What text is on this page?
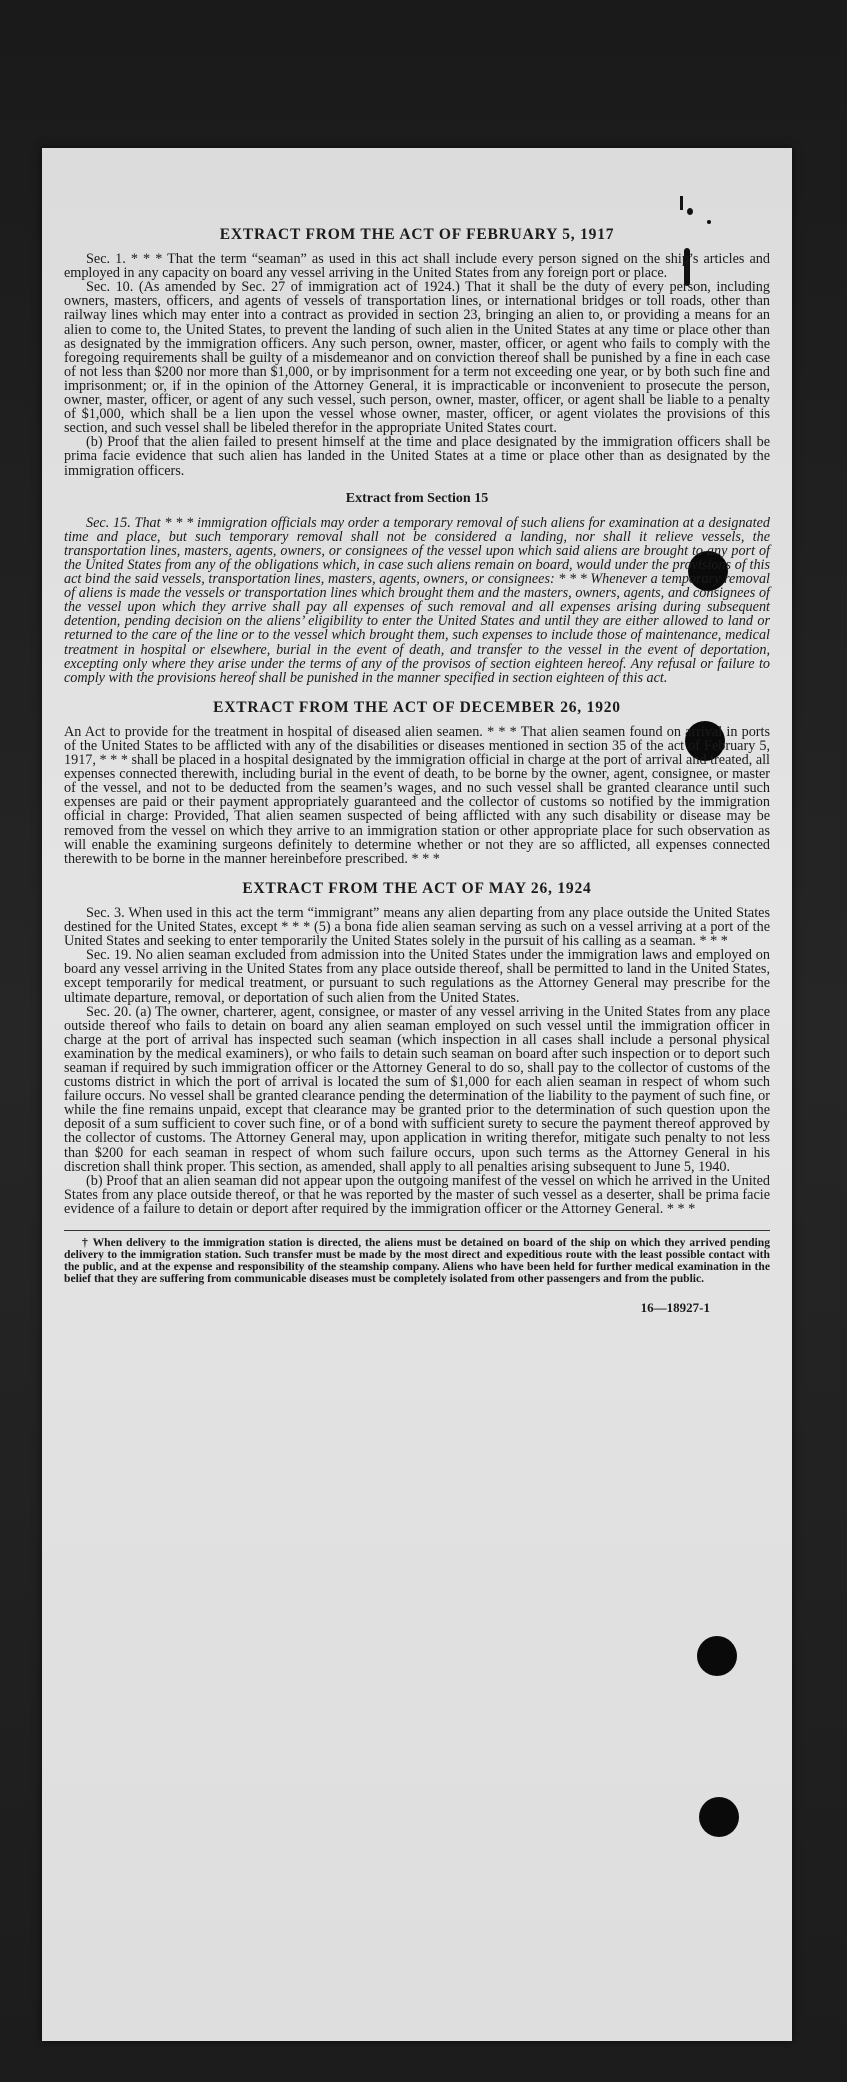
EXTRACT FROM THE ACT OF FEBRUARY 5, 1917

Sec. 1. * * * That the term “seaman” as used in this act shall include every person signed on the ship’s articles and employed in any capacity on board any vessel arriving in the United States from any foreign port or place.

Sec. 10. (As amended by Sec. 27 of immigration act of 1924.) That it shall be the duty of every person, including owners, masters, officers, and agents of vessels of transportation lines, or international bridges or toll roads, other than railway lines which may enter into a contract as provided in section 23, bringing an alien to, or providing a means for an alien to come to, the United States, to prevent the landing of such alien in the United States at any time or place other than as designated by the immigration officers. Any such person, owner, master, officer, or agent who fails to comply with the foregoing requirements shall be guilty of a misdemeanor and on conviction thereof shall be punished by a fine in each case of not less than $200 nor more than $1,000, or by imprisonment for a term not exceeding one year, or by both such fine and imprisonment; or, if in the opinion of the Attorney General, it is impracticable or inconvenient to prosecute the person, owner, master, officer, or agent of any such vessel, such person, owner, master, officer, or agent shall be liable to a penalty of $1,000, which shall be a lien upon the vessel whose owner, master, officer, or agent violates the provisions of this section, and such vessel shall be libeled therefor in the appropriate United States court.

(b) Proof that the alien failed to present himself at the time and place designated by the immigration officers shall be prima facie evidence that such alien has landed in the United States at a time or place other than as designated by the immigration officers.

Extract from Section 15

Sec. 15. That * * * immigration officials may order a temporary removal of such aliens for examination at a designated time and place, but such temporary removal shall not be considered a landing, nor shall it relieve vessels, the transportation lines, masters, agents, owners, or consignees of the vessel upon which said aliens are brought to any port of the United States from any of the obligations which, in case such aliens remain on board, would under the provisions of this act bind the said vessels, transportation lines, masters, agents, owners, or consignees: * * * Whenever a temporary removal of aliens is made the vessels or transportation lines which brought them and the masters, owners, agents, and consignees of the vessel upon which they arrive shall pay all expenses of such removal and all expenses arising during subsequent detention, pending decision on the aliens’ eligibility to enter the United States and until they are either allowed to land or returned to the care of the line or to the vessel which brought them, such expenses to include those of maintenance, medical treatment in hospital or elsewhere, burial in the event of death, and transfer to the vessel in the event of deportation, excepting only where they arise under the terms of any of the provisos of section eighteen hereof. Any refusal or failure to comply with the provisions hereof shall be punished in the manner specified in section eighteen of this act.

EXTRACT FROM THE ACT OF DECEMBER 26, 1920

An Act to provide for the treatment in hospital of diseased alien seamen. * * * That alien seamen found on arrival in ports of the United States to be afflicted with any of the disabilities or diseases mentioned in section 35 of the act of February 5, 1917, * * * shall be placed in a hospital designated by the immigration official in charge at the port of arrival and treated, all expenses connected therewith, including burial in the event of death, to be borne by the owner, agent, consignee, or master of the vessel, and not to be deducted from the seamen’s wages, and no such vessel shall be granted clearance until such expenses are paid or their payment appropriately guaranteed and the collector of customs so notified by the immigration official in charge: Provided, That alien seamen suspected of being afflicted with any such disability or disease may be removed from the vessel on which they arrive to an immigration station or other appropriate place for such observation as will enable the examining surgeons definitely to determine whether or not they are so afflicted, all expenses connected therewith to be borne in the manner hereinbefore prescribed. * * *

EXTRACT FROM THE ACT OF MAY 26, 1924

Sec. 3. When used in this act the term “immigrant” means any alien departing from any place outside the United States destined for the United States, except * * * (5) a bona fide alien seaman serving as such on a vessel arriving at a port of the United States and seeking to enter temporarily the United States solely in the pursuit of his calling as a seaman. * * *

Sec. 19. No alien seaman excluded from admission into the United States under the immigration laws and employed on board any vessel arriving in the United States from any place outside thereof, shall be permitted to land in the United States, except temporarily for medical treatment, or pursuant to such regulations as the Attorney General may prescribe for the ultimate departure, removal, or deportation of such alien from the United States.

Sec. 20. (a) The owner, charterer, agent, consignee, or master of any vessel arriving in the United States from any place outside thereof who fails to detain on board any alien seaman employed on such vessel until the immigration officer in charge at the port of arrival has inspected such seaman (which inspection in all cases shall include a personal physical examination by the medical examiners), or who fails to detain such seaman on board after such inspection or to deport such seaman if required by such immigration officer or the Attorney General to do so, shall pay to the collector of customs of the customs district in which the port of arrival is located the sum of $1,000 for each alien seaman in respect of whom such failure occurs. No vessel shall be granted clearance pending the determination of the liability to the payment of such fine, or while the fine remains unpaid, except that clearance may be granted prior to the determination of such question upon the deposit of a sum sufficient to cover such fine, or of a bond with sufficient surety to secure the payment thereof approved by the collector of customs. The Attorney General may, upon application in writing therefor, mitigate such penalty to not less than $200 for each seaman in respect of whom such failure occurs, upon such terms as the Attorney General in his discretion shall think proper. This section, as amended, shall apply to all penalties arising subsequent to June 5, 1940.

(b) Proof that an alien seaman did not appear upon the outgoing manifest of the vessel on which he arrived in the United States from any place outside thereof, or that he was reported by the master of such vessel as a deserter, shall be prima facie evidence of a failure to detain or deport after required by the immigration officer or the Attorney General. * * *

† When delivery to the immigration station is directed, the aliens must be detained on board of the ship on which they arrived pending delivery to the immigration station. Such transfer must be made by the most direct and expeditious route with the least possible contact with the public, and at the expense and responsibility of the steamship company. Aliens who have been held for further medical examination in the belief that they are suffering from communicable diseases must be completely isolated from other passengers and from the public.

16—18927-1
